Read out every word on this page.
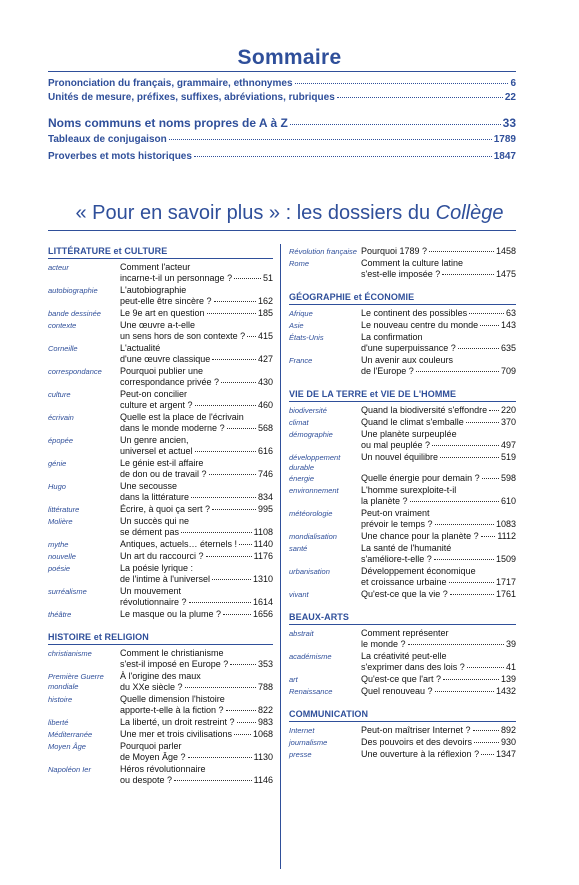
Sommaire
Prononciation du français, grammaire, ethnonymes	6
Unités de mesure, préfixes, suffixes, abréviations, rubriques	22
Noms communs et noms propres de A à Z	33
Tableaux de conjugaison	1789
Proverbes et mots historiques	1847
« Pour en savoir plus » : les dossiers du Collège
LITTÉRATURE et CULTURE
acteur	Comment l'acteur
incarne-t-il un personnage ?	51
autobiographie	L'autobiographie
peut-elle être sincère ?	162
bande dessinée	Le 9e art en question	185
contexte	Une œuvre a-t-elle
un sens hors de son contexte ? 415
Corneille	L'actualité
d'une œuvre classique	427
correspondance	Pourquoi publier une
correspondance privée ?	430
culture	Peut-on concilier
culture et argent ?	460
écrivain	Quelle est la place de l'écrivain
dans le monde moderne ?	568
épopée	Un genre ancien,
universel et actuel	616
génie	Le génie est-il affaire
de don ou de travail ?	746
Hugo	Une secousse
dans la littérature	834
littérature	Écrire, à quoi ça sert ?	995
Molière	Un succès qui ne
se dément pas	1108
mythe	Antiques, actuels… éternels ! 1140
nouvelle	Un art du raccourci ?	1176
poésie	La poésie lyrique :
de l'intime à l'universel	1310
surréalisme	Un mouvement
révolutionnaire ?	1614
théâtre	Le masque ou la plume ?	1656
HISTOIRE et RELIGION
christianisme	Comment le christianisme
s'est-il imposé en Europe ?	353
Première Guerre mondiale
À l'origine des maux
du XXe siècle ?	788
histoire	Quelle dimension l'histoire
apporte-t-elle à la fiction ?	822
liberté	La liberté, un droit restreint ?	983
Méditerranée	Une mer et trois civilisations 1068
Moyen Âge	Pourquoi parler
de Moyen Âge ?	1130
Napoléon Ier	Héros révolutionnaire
ou despote ?	1146
Révolution française Pourquoi 1789 ?	1458
Rome	Comment la culture latine
s'est-elle imposée ?	1475
GÉOGRAPHIE et ÉCONOMIE
Afrique	Le continent des possibles	63
Asie	Le nouveau centre du monde	143
États-Unis	La confirmation
d'une superpuissance ?	635
France	Un avenir aux couleurs
de l'Europe ?	709
VIE DE LA TERRE et VIE DE L'HOMME
biodiversité	Quand la biodiversité s'effondre 220
climat	Quand le climat s'emballe	370
démographie	Une planète surpeuplée
ou mal peuplée ?	497
développement durable
Un nouvel équilibre	519
énergie	Quelle énergie pour demain ? 598
environnement	L'homme surexploite-t-il
la planète ?	610
météorologie	Peut-on vraiment
prévoir le temps ?	1083
mondialisation	Une chance pour la planète ? 1112
santé	La santé de l'humanité
s'améliore-t-elle ?	1509
urbanisation	Développement économique
et croissance urbaine	1717
vivant	Qu'est-ce que la vie ?	1761
BEAUX-ARTS
abstrait	Comment représenter
le monde ?	39
académisme	La créativité peut-elle
s'exprimer dans des lois ?	41
art	Qu'est-ce que l'art ?	139
Renaissance	Quel renouveau ?	1432
COMMUNICATION
Internet	Peut-on maîtriser Internet ?	892
journalisme	Des pouvoirs et des devoirs	930
presse	Une ouverture à la réflexion ? 1347
